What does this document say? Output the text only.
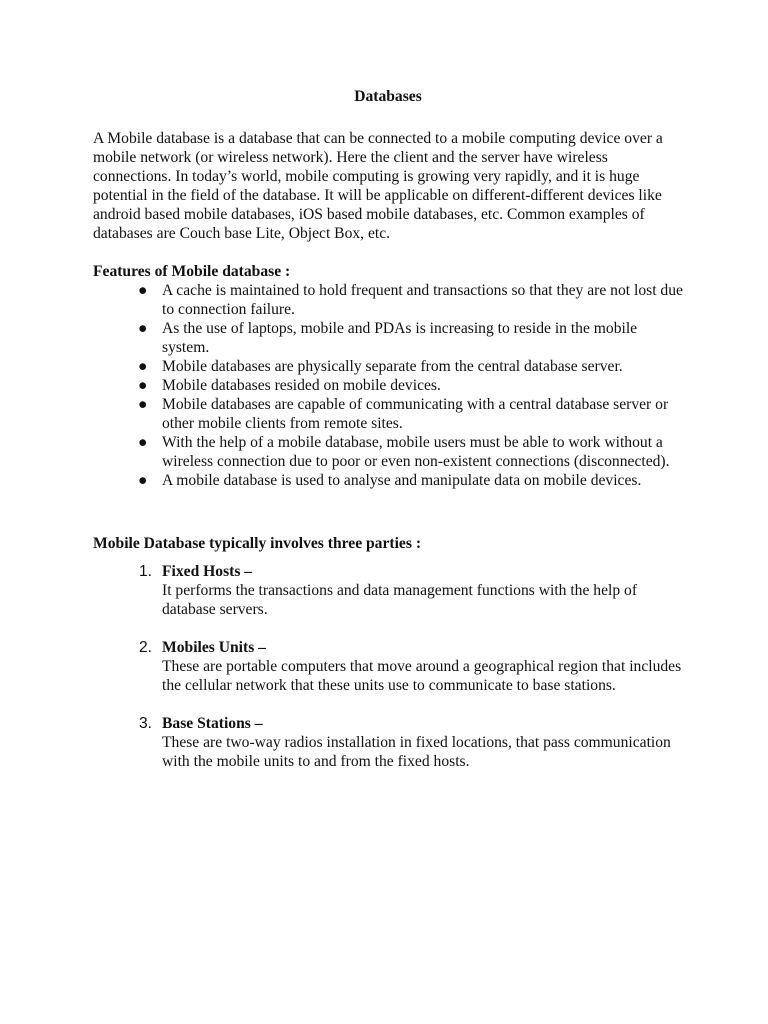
Databases

A Mobile database is a database that can be connected to a mobile computing device over a mobile network (or wireless network). Here the client and the server have wireless connections. In today’s world, mobile computing is growing very rapidly, and it is huge potential in the field of the database. It will be applicable on different-different devices like android based mobile databases, iOS based mobile databases, etc. Common examples of databases are Couch base Lite, Object Box, etc.

Features of Mobile database :

● A cache is maintained to hold frequent and transactions so that they are not lost due to connection failure.
● As the use of laptops, mobile and PDAs is increasing to reside in the mobile system.
● Mobile databases are physically separate from the central database server.
● Mobile databases resided on mobile devices.
● Mobile databases are capable of communicating with a central database server or other mobile clients from remote sites.
● With the help of a mobile database, mobile users must be able to work without a wireless connection due to poor or even non-existent connections (disconnected).
● A mobile database is used to analyse and manipulate data on mobile devices.

Mobile Database typically involves three parties :

1. Fixed Hosts –
It performs the transactions and data management functions with the help of database servers.
2. Mobiles Units –
These are portable computers that move around a geographical region that includes the cellular network that these units use to communicate to base stations.
3. Base Stations –
These are two-way radios installation in fixed locations, that pass communication with the mobile units to and from the fixed hosts.
